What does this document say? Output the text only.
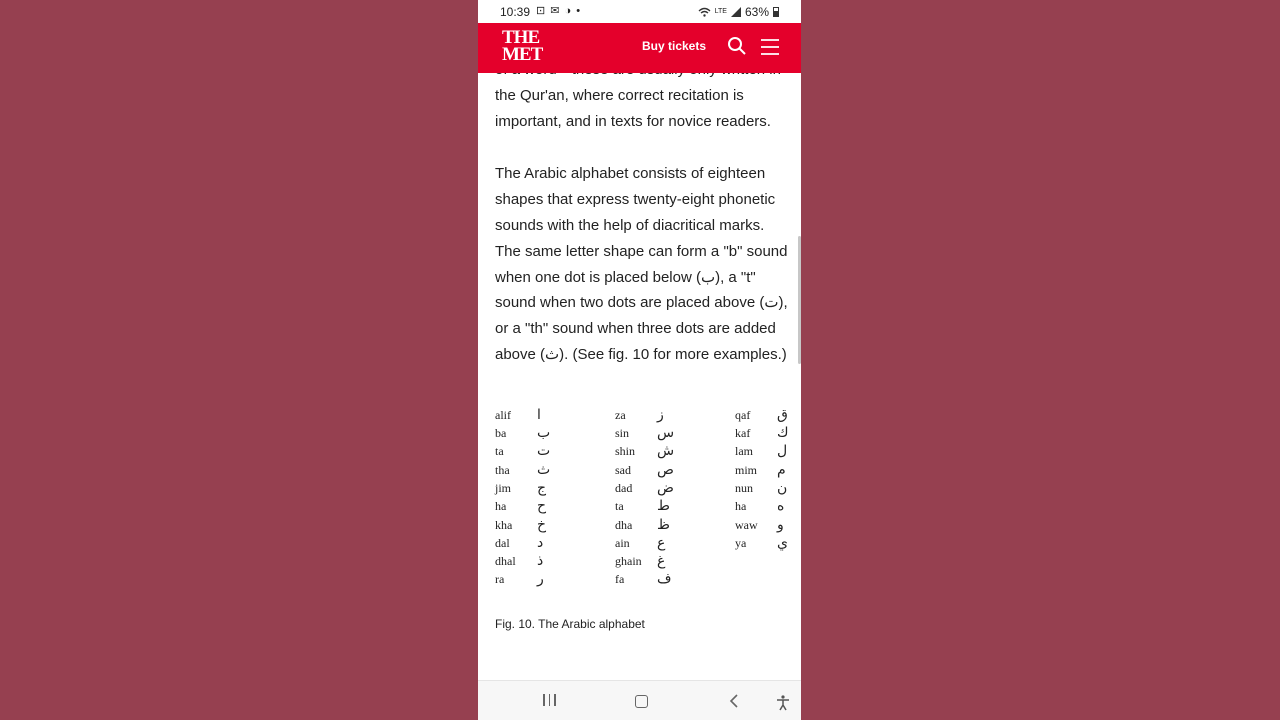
10:39 ⊡ ✉ ◑ •	LTE 63%
THE
MET	Buy tickets

the Qur'an, where correct recitation is important, and in texts for novice readers.

The Arabic alphabet consists of eighteen shapes that express twenty-eight phonetic sounds with the help of diacritical marks. The same letter shape can form a "b" sound when one dot is placed below (ب), a "t" sound when two dots are placed above (ت), or a "th" sound when three dots are added above (ث). (See fig. 10 for more examples.)

alif ا
ba ب
ta ت
tha ث
jim ج
ha ح
kha خ
dal د
dhal ذ
ra ر
za ز
sin س
shin ش
sad ص
dad ض
ta ط
dha ظ
ain ع
ghain غ
fa ف
qaf ق
kaf ك
lam ل
mim م
nun ن
ha ه
waw و
ya ي

Fig. 10. The Arabic alphabet
